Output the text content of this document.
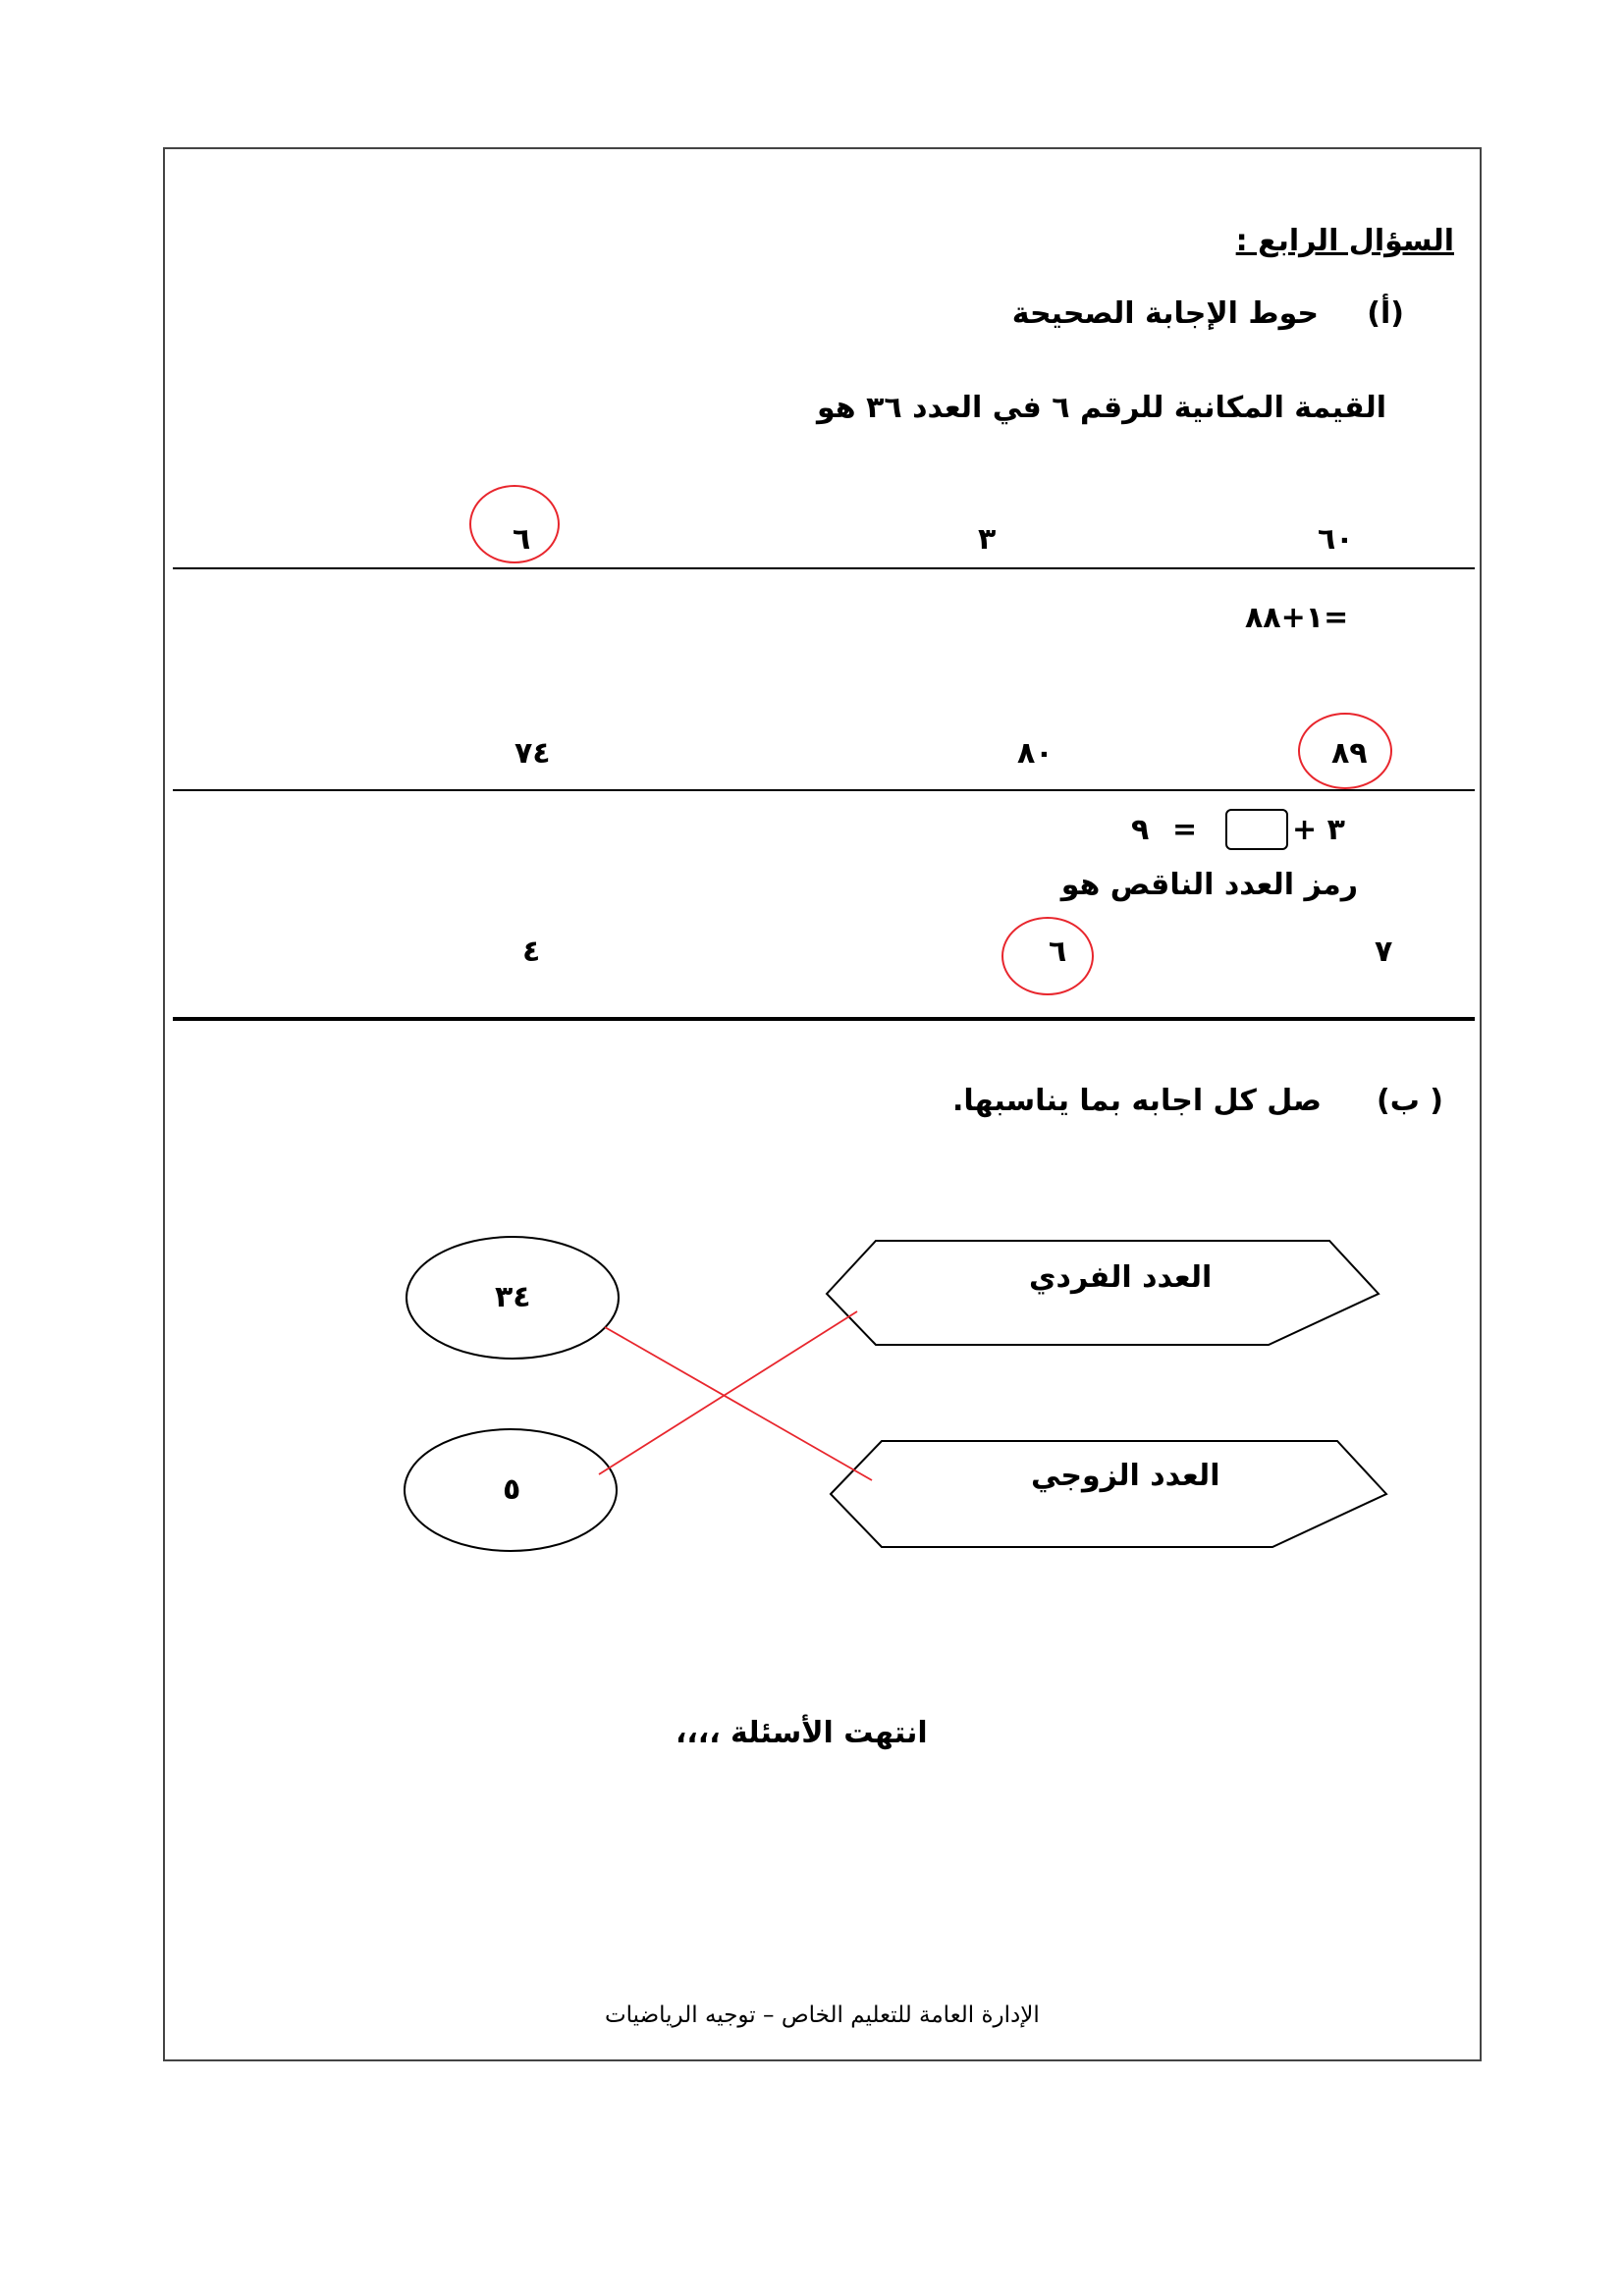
السؤال الرابع :
(أ)
حوط الإجابة الصحيحة
القيمة المكانية للرقم ٦ في العدد ٣٦ هو
٦٠
٣
٦
=١+٨٨
٨٩
٨٠
٧٤
٣ +
=
٩
رمز العدد الناقص هو
٧
٦
٤
( ب)
صل كل اجابه بما يناسبها.
العدد الفردي
العدد الزوجي
٣٤
٥
انتهت الأسئلة ،،،،
الإدارة العامة للتعليم الخاص – توجيه الرياضيات
